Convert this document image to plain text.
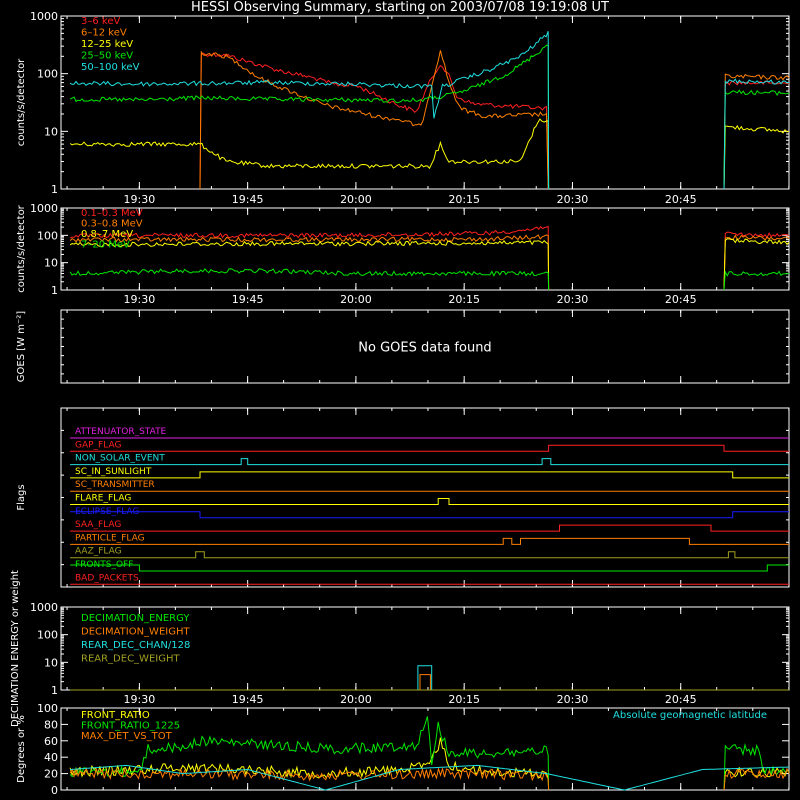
HESSI Observing Summary, starting on 2003/07/08 19:19:08 UT
19:30	19:45	20:00	20:15	20:30	20:45
1
10
100
1000
counts/s/detector
3–6 keV
6–12 keV
12–25 keV
25–50 keV
50–100 keV
19:30	19:45	20:00	20:15	20:30	20:45
1
10
100
1000
counts/s/detector	0.1–0.3 MeV
0.3–0.8 MeV
0.8–7 MeV
7–20 MeV
GOES [W m⁻²]	No GOES data found
Flags
ATTENUATOR_STATE
GAP_FLAG
NON_SOLAR_EVENT
SC_IN_SUNLIGHT
SC_TRANSMITTER
FLARE_FLAG
ECLIPSE_FLAG
SAA_FLAG
PARTICLE_FLAG
AAZ_FLAG
FRONTS_OFF
BAD_PACKETS
19:30	19:45	20:00	20:15	20:30	20:45
1
10
100
1000
DECIMATION ENERGY or weight	DECIMATION_ENERGY
DECIMATION_WEIGHT
REAR_DEC_CHAN/128
REAR_DEC_WEIGHT
0
20
40
60
80
100
Degrees or %	FRONT_RATIO
FRONT_RATIO_1225
MAX_DET_VS_TOT
Absolute geomagnetic latitude
